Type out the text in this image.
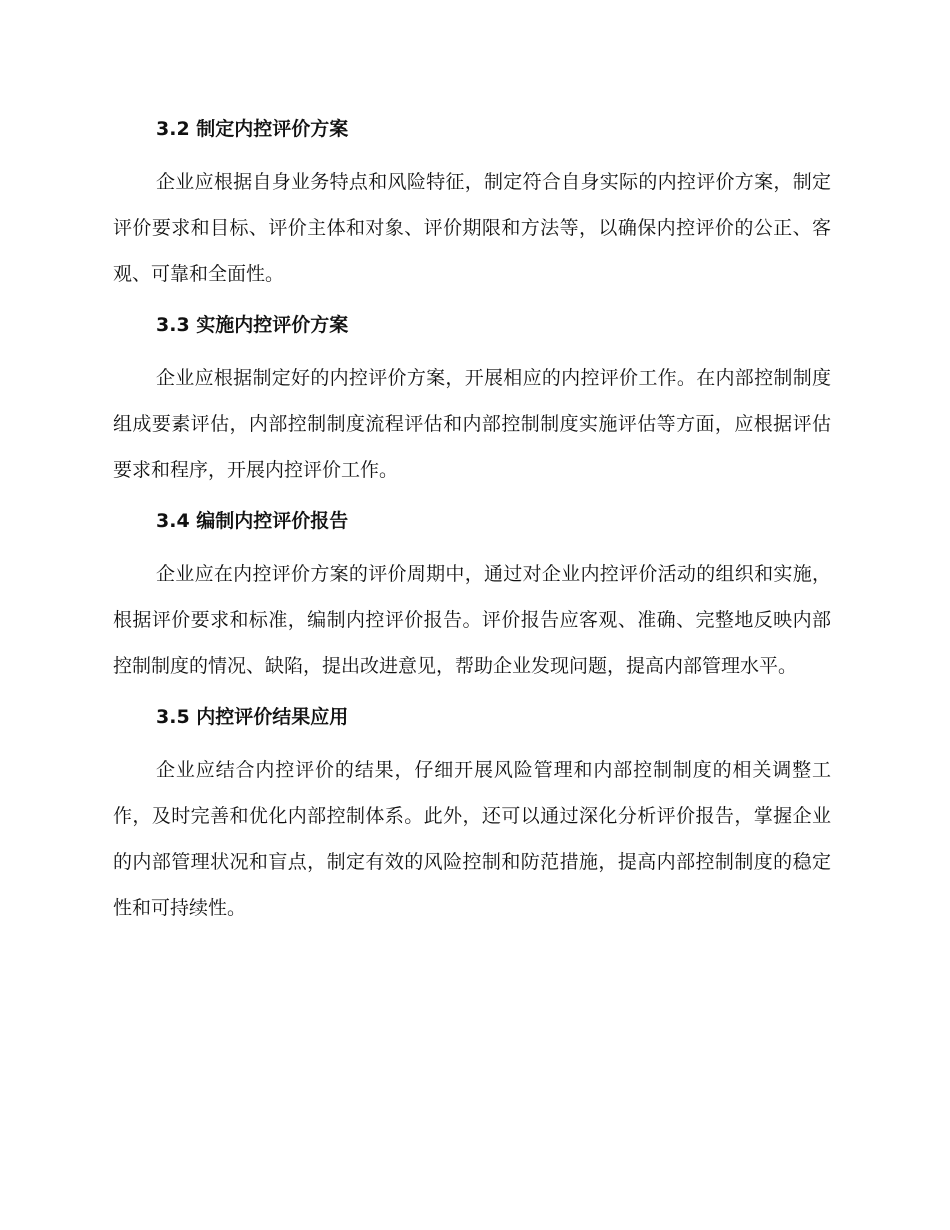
3.2 制定内控评价方案

企业应根据自身业务特点和风险特征，制定符合自身实际的内控评价方案，制定评价要求和目标、评价主体和对象、评价期限和方法等，以确保内控评价的公正、客观、可靠和全面性。

3.3 实施内控评价方案

企业应根据制定好的内控评价方案，开展相应的内控评价工作。在内部控制制度组成要素评估，内部控制制度流程评估和内部控制制度实施评估等方面，应根据评估要求和程序，开展内控评价工作。

3.4 编制内控评价报告

企业应在内控评价方案的评价周期中，通过对企业内控评价活动的组织和实施，根据评价要求和标准，编制内控评价报告。评价报告应客观、准确、完整地反映内部控制制度的情况、缺陷，提出改进意见，帮助企业发现问题，提高内部管理水平。

3.5 内控评价结果应用

企业应结合内控评价的结果，仔细开展风险管理和内部控制制度的相关调整工作，及时完善和优化内部控制体系。此外，还可以通过深化分析评价报告，掌握企业的内部管理状况和盲点，制定有效的风险控制和防范措施，提高内部控制制度的稳定性和可持续性。
